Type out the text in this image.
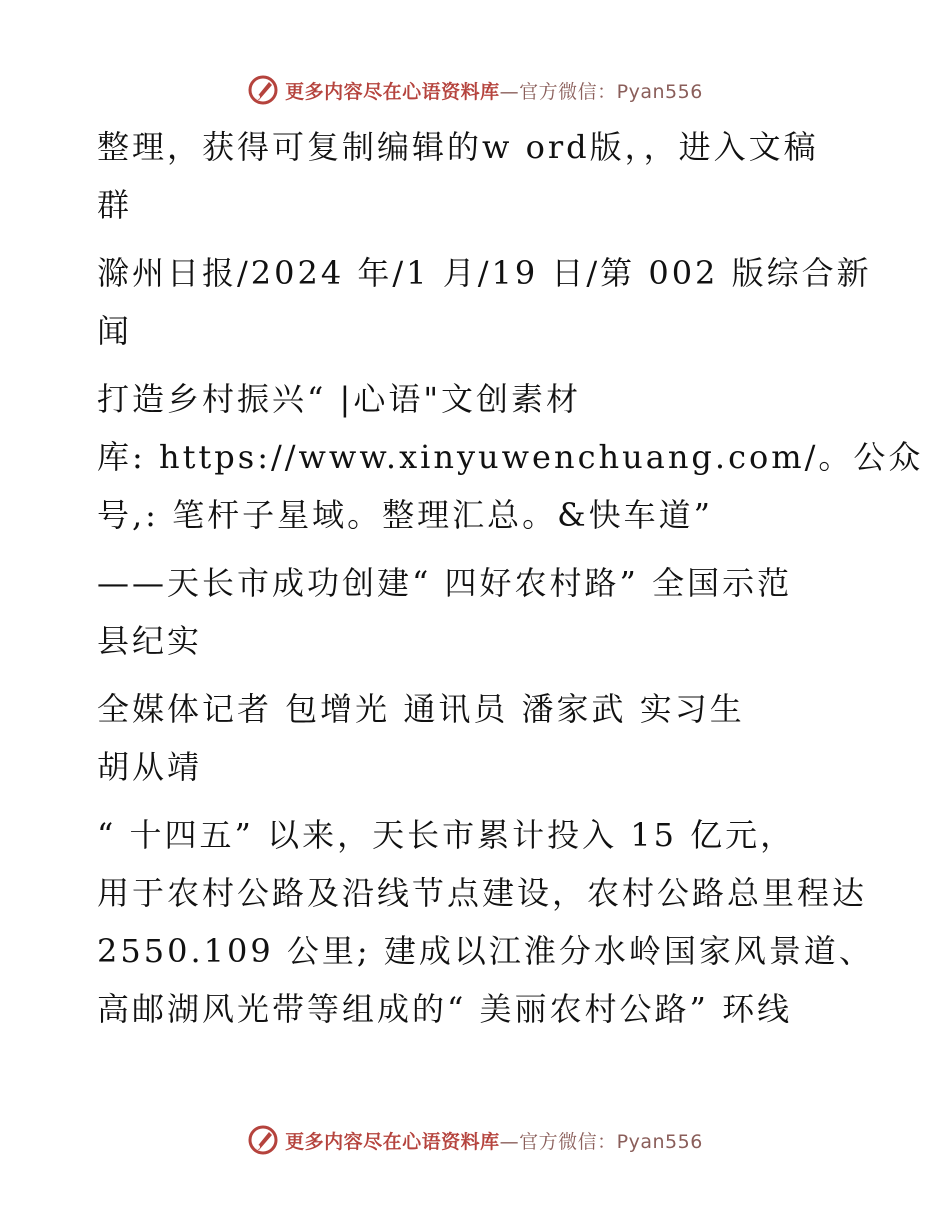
更多内容尽在心语资料库 —官方微信：Pyan556

整理，获得可复制编辑的w ord版，，进入文稿
群

滁州日报/2024 年/1 月/19 日/第 002 版综合新
闻

打造乡村振兴“ |心语"文创素材
库: https://www.xinyuwenchuang.com/。公众
号,: 笔杆子星域。整理汇总。&快车道”

——天长市成功创建“ 四好农村路” 全国示范
县纪实

全媒体记者 包增光 通讯员 潘家武 实习生
胡从靖

“ 十四五” 以来，天长市累计投入 15 亿元，
用于农村公路及沿线节点建设，农村公路总里程达
2550.109 公里; 建成以江淮分水岭国家风景道、
高邮湖风光带等组成的“ 美丽农村公路” 环线

更多内容尽在心语资料库 —官方微信：Pyan556
